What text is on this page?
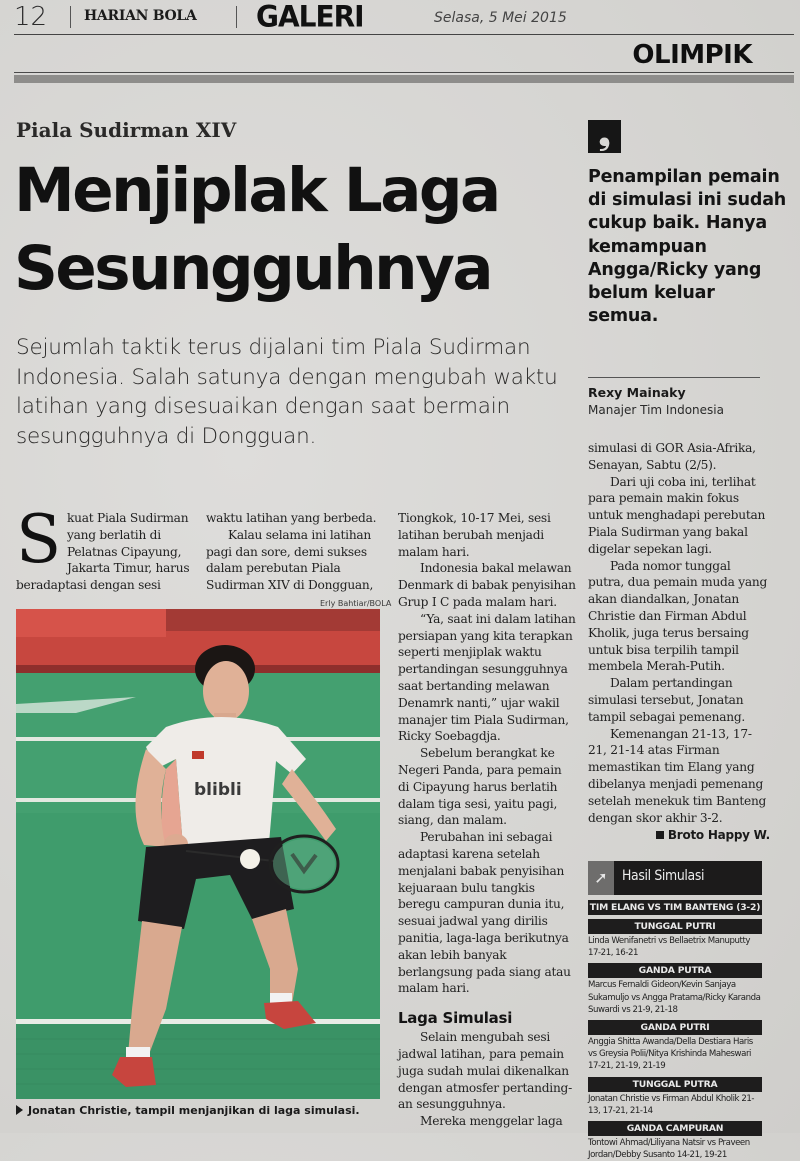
12	HARIAN BOLA GALERI	Selasa, 5 Mei 2015
OLIMPIK
Piala Sudirman XIV
Menjiplak Laga
Sesungguhnya
Sejumlah taktik terus dijalani tim Piala Sudirman Indonesia. Salah satunya dengan mengubah waktu latihan yang disesuaikan dengan saat bermain sesungguhnya di Dongguan.
❟
Penampilan pemain di simulasi ini sudah cukup baik. Hanya kemampuan Angga/Ricky yang belum keluar semua.
Rexy Mainaky
Manajer Tim Indonesia
S kuat Piala Sudirman yang berlatih di Pelatnas Cipayung, Jakarta Timur, harus beradaptasi dengan sesi

waktu latihan yang berbeda.

Kalau selama ini latihan pagi dan sore, demi sukses dalam perebutan Piala Sudirman XIV di Dongguan,

Erly Bahtiar/BOLA
blibli
Jonatan Christie, tampil menjanjikan di laga simulasi.

Tiongkok, 10-17 Mei, sesi latihan berubah menjadi malam hari.

Indonesia bakal melawan Denmark di babak penyisihan Grup I C pada malam hari.

“Ya, saat ini dalam latihan persiapan yang kita terapkan seperti menjiplak waktu pertandingan sesungguhnya saat bertanding melawan Denamrk nanti,” ujar wakil manajer tim Piala Sudirman, Ricky Soebagdja.

Sebelum berangkat ke Negeri Panda, para pemain di Cipayung harus berlatih dalam tiga sesi, yaitu pagi, siang, dan malam.

Perubahan ini sebagai adaptasi karena setelah menjalani babak penyisihan kejuaraan bulu tangkis beregu campuran dunia itu, sesuai jadwal yang dirilis panitia, laga-laga berikutnya akan lebih banyak berlangsung pada siang atau malam hari.

Laga Simulasi

Selain mengubah sesi jadwal latihan, para pemain juga sudah mulai dikenalkan dengan atmosfer pertanding-an sesungguhnya.

Mereka menggelar laga

simulasi di GOR Asia-Afrika, Senayan, Sabtu (2/5).

Dari uji coba ini, terlihat para pemain makin fokus untuk menghadapi perebutan Piala Sudirman yang bakal digelar sepekan lagi.

Pada nomor tunggal putra, dua pemain muda yang akan diandalkan, Jonatan Christie dan Firman Abdul Kholik, juga terus bersaing untuk bisa terpilih tampil membela Merah-Putih.

Dalam pertandingan simulasi tersebut, Jonatan tampil sebagai pemenang.

Kemenangan 21-13, 17-21, 21-14 atas Firman memastikan tim Elang yang dibelanya menjadi pemenang setelah menekuk tim Banteng dengan skor akhir 3-2.

Broto Happy W.
➚ Hasil Simulasi
TIM ELANG VS TIM BANTENG (3-2)
TUNGGAL PUTRI
Linda Wenifanetri vs Bellaetrix Manuputty 17-21, 16-21
GANDA PUTRA
Marcus Fernaldi Gideon/Kevin Sanjaya Sukamuljo vs Angga Pratama/Ricky Karanda Suwardi vs 21-9, 21-18
GANDA PUTRI
Anggia Shitta Awanda/Della Destiara Haris vs Greysia Polii/Nitya Krishinda Maheswari 17-21, 21-19, 21-19
TUNGGAL PUTRA
Jonatan Christie vs Firman Abdul Kholik 21-13, 17-21, 21-14
GANDA CAMPURAN
Tontowi Ahmad/Liliyana Natsir vs Praveen Jordan/Debby Susanto 14-21, 19-21
